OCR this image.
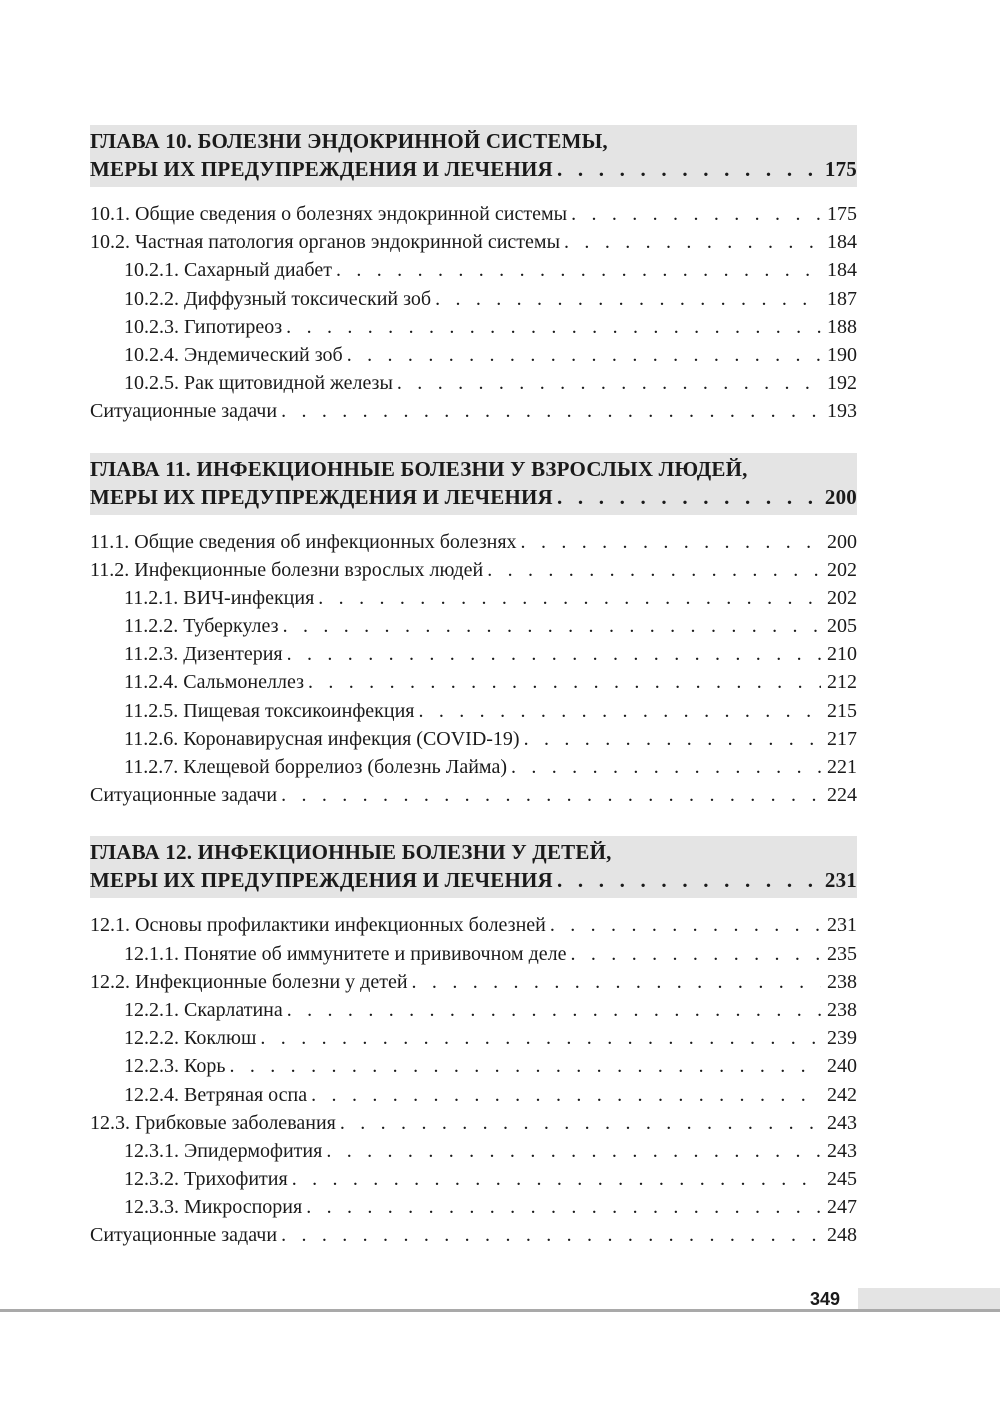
ГЛАВА 10. БОЛЕЗНИ ЭНДОКРИННОЙ СИСТЕМЫ,
МЕРЫ ИХ ПРЕДУПРЕЖДЕНИЯ И ЛЕЧЕНИЯ . . .	175
10.1. Общие сведения о болезнях эндокринной системы . . .	175
10.2. Частная патология органов эндокринной системы . . .	184
10.2.1. Сахарный диабет . . .	184
10.2.2. Диффузный токсический зоб . . .	187
10.2.3. Гипотиреоз . . .	188
10.2.4. Эндемический зоб . . .	190
10.2.5. Рак щитовидной железы . . .	192
Ситуационные задачи . . .	193
ГЛАВА 11. ИНФЕКЦИОННЫЕ БОЛЕЗНИ У ВЗРОСЛЫХ ЛЮДЕЙ,
МЕРЫ ИХ ПРЕДУПРЕЖДЕНИЯ И ЛЕЧЕНИЯ . . .	200
11.1. Общие сведения об инфекционных болезнях . . .	200
11.2. Инфекционные болезни взрослых людей . . .	202
11.2.1. ВИЧ-инфекция . . .	202
11.2.2. Туберкулез . . .	205
11.2.3. Дизентерия . . .	210
11.2.4. Сальмонеллез . . .	212
11.2.5. Пищевая токсикоинфекция . . .	215
11.2.6. Коронавирусная инфекция (COVID-19) . . .	217
11.2.7. Клещевой боррелиоз (болезнь Лайма) . . .	221
Ситуационные задачи . . .	224
ГЛАВА 12. ИНФЕКЦИОННЫЕ БОЛЕЗНИ У ДЕТЕЙ,
МЕРЫ ИХ ПРЕДУПРЕЖДЕНИЯ И ЛЕЧЕНИЯ . . .	231
12.1. Основы профилактики инфекционных болезней . . .	231
12.1.1. Понятие об иммунитете и прививочном деле . . .	235
12.2. Инфекционные болезни у детей . . .	238
12.2.1. Скарлатина . . .	238
12.2.2. Коклюш . . .	239
12.2.3. Корь . . .	240
12.2.4. Ветряная оспа . . .	242
12.3. Грибковые заболевания . . .	243
12.3.1. Эпидермофития . . .	243
12.3.2. Трихофития . . .	245
12.3.3. Микроспория . . .	247
Ситуационные задачи . . .	248
349
